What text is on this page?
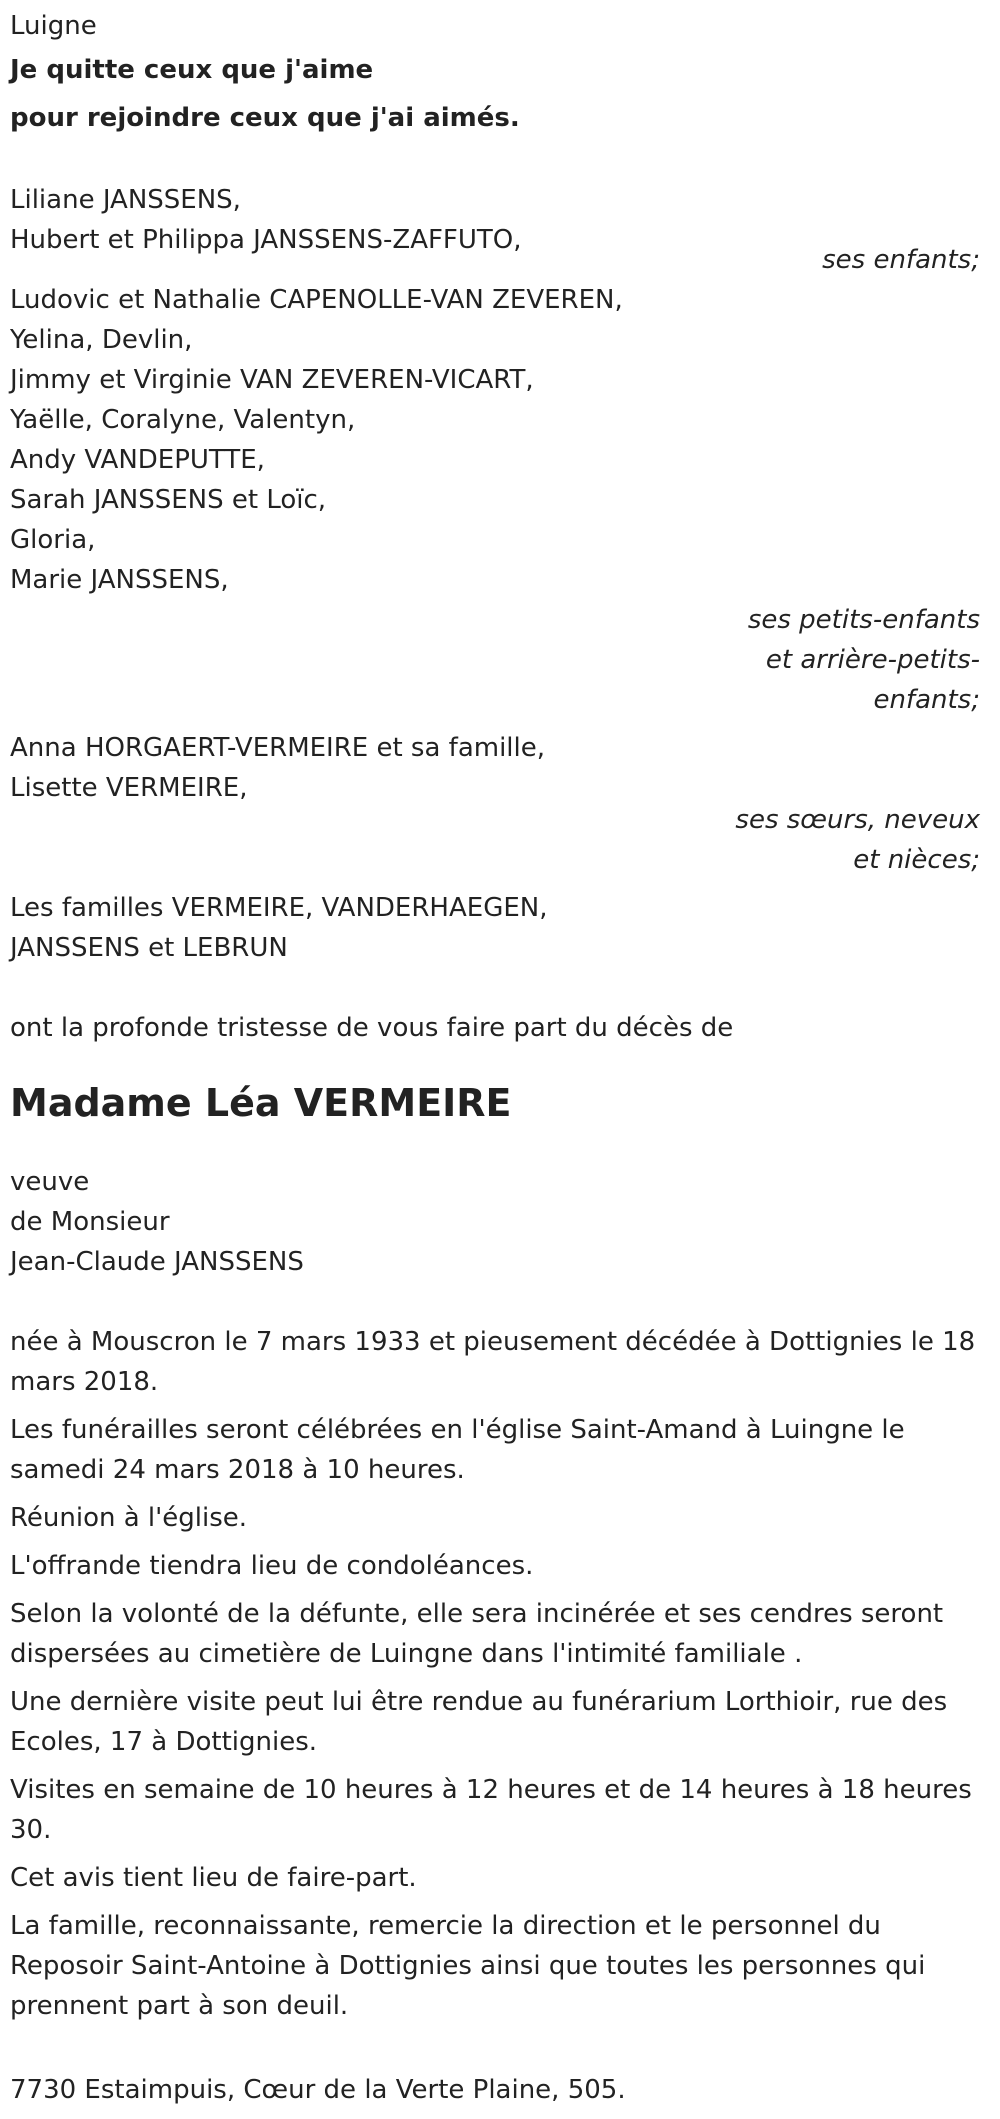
Luigne
Je quitte ceux que j'aime
pour rejoindre ceux que j'ai aimés.
Liliane JANSSENS,
Hubert et Philippa JANSSENS-ZAFFUTO,
ses enfants;
Ludovic et Nathalie CAPENOLLE-VAN ZEVEREN,
Yelina, Devlin,
Jimmy et Virginie VAN ZEVEREN-VICART,
Yaëlle, Coralyne, Valentyn,
Andy VANDEPUTTE,
Sarah JANSSENS et Loïc,
Gloria,
Marie JANSSENS,
ses petits-enfants
et arrière-petits-
enfants;
Anna HORGAERT-VERMEIRE et sa famille,
Lisette VERMEIRE,
ses sœurs, neveux
et nièces;
Les familles VERMEIRE, VANDERHAEGEN,
JANSSENS et LEBRUN
ont la profonde tristesse de vous faire part du décès de
Madame Léa VERMEIRE
veuve
de Monsieur
Jean-Claude JANSSENS

née à Mouscron le 7 mars 1933 et pieusement décédée à Dottignies le 18 mars 2018.

Les funérailles seront célébrées en l'église Saint-Amand à Luingne le samedi 24 mars 2018 à 10 heures.

Réunion à l'église.

L'offrande tiendra lieu de condoléances.

Selon la volonté de la défunte, elle sera incinérée et ses cendres seront dispersées au cimetière de Luingne dans l'intimité familiale .

Une dernière visite peut lui être rendue au funérarium Lorthioir, rue des Ecoles, 17 à Dottignies.

Visites en semaine de 10 heures à 12 heures et de 14 heures à 18 heures 30.

Cet avis tient lieu de faire-part.

La famille, reconnaissante, remercie la direction et le personnel du Reposoir Saint-Antoine à Dottignies ainsi que toutes les personnes qui prennent part à son deuil.

7730 Estaimpuis, Cœur de la Verte Plaine, 505.
